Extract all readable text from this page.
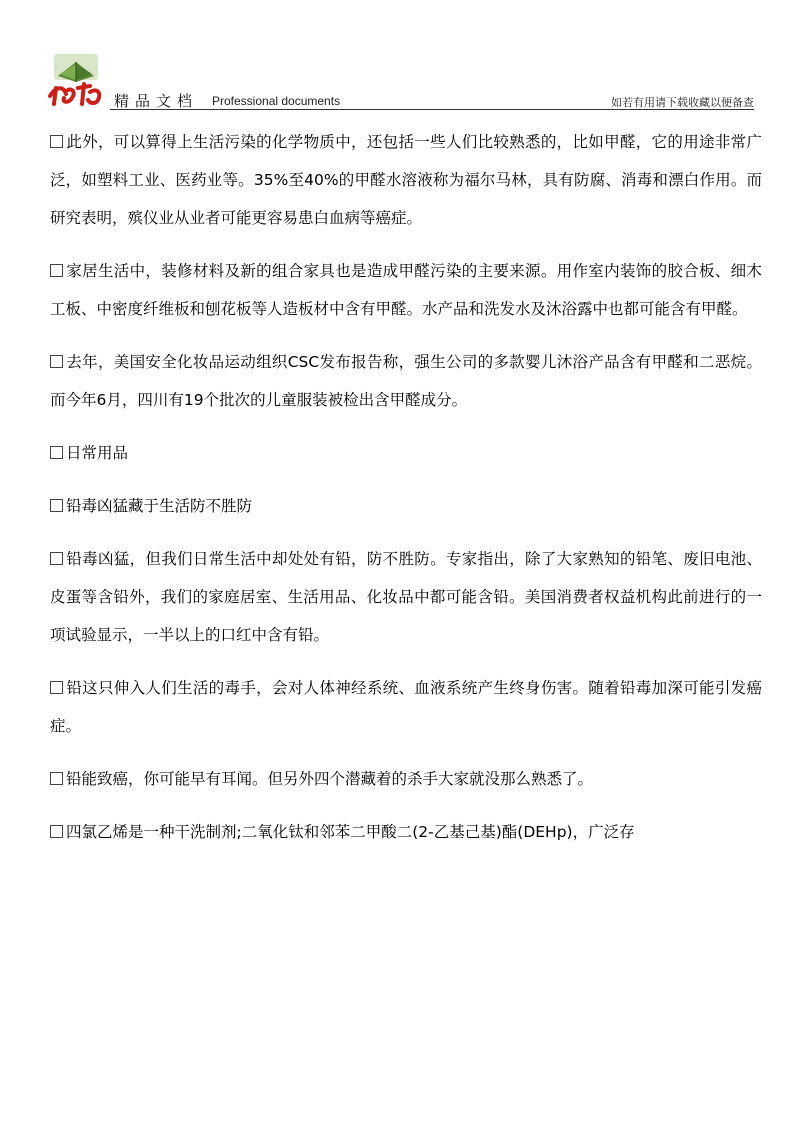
精品文档 Professional documents	如若有用请下载收藏以便备查

此外，可以算得上生活污染的化学物质中，还包括一些人们比较熟悉的，比如甲醛，它的用途非常广泛，如塑料工业、医药业等。35%至40%的甲醛水溶液称为福尔马林，具有防腐、消毒和漂白作用。而研究表明，殡仪业从业者可能更容易患白血病等癌症。

家居生活中，装修材料及新的组合家具也是造成甲醛污染的主要来源。用作室内装饰的胶合板、细木工板、中密度纤维板和刨花板等人造板材中含有甲醛。水产品和洗发水及沐浴露中也都可能含有甲醛。

去年，美国安全化妆品运动组织CSC发布报告称，强生公司的多款婴儿沐浴产品含有甲醛和二恶烷。而今年6月，四川有19个批次的儿童服装被检出含甲醛成分。

日常用品

铅毒凶猛藏于生活防不胜防

铅毒凶猛，但我们日常生活中却处处有铅，防不胜防。专家指出，除了大家熟知的铅笔、废旧电池、皮蛋等含铅外，我们的家庭居室、生活用品、化妆品中都可能含铅。美国消费者权益机构此前进行的一项试验显示，一半以上的口红中含有铅。

铅这只伸入人们生活的毒手，会对人体神经系统、血液系统产生终身伤害。随着铅毒加深可能引发癌症。

铅能致癌，你可能早有耳闻。但另外四个潜藏着的杀手大家就没那么熟悉了。

四氯乙烯是一种干洗制剂;二氧化钛和邻苯二甲酸二(2-乙基己基)酯(DEHp)，广泛存
